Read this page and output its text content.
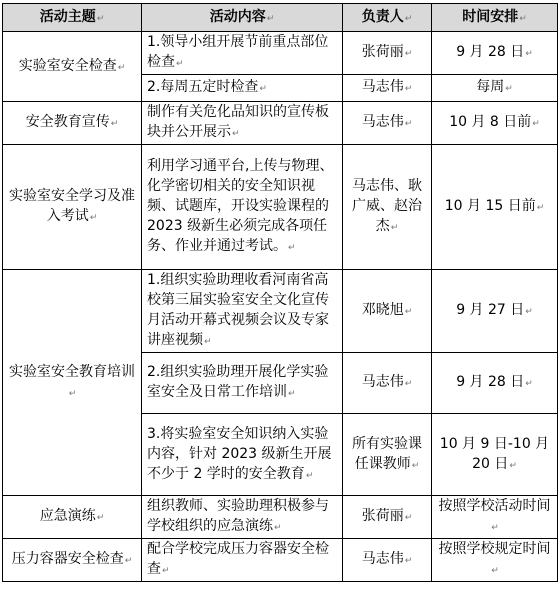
活动主题↵	活动内容↵	负责人↵	时间安排↵
实验室安全检查↵	1.领导小组开展节前重点部位检查↵	张荷丽↵	9 月 28 日↵
	2.每周五定时检查↵	马志伟↵	每周↵
安全教育宣传↵	制作有关危化品知识的宣传板块并公开展示↵	马志伟↵	10 月 8 日前↵
实验室安全学习及准入考试↵	利用学习通平台,上传与物理、化学密切相关的安全知识视频、试题库，开设实验课程的 2023 级新生必须完成各项任务、作业并通过考试。↵	马志伟、耿广威、赵治杰↵	10 月 15 日前↵
实验室安全教育培训↵	1.组织实验助理收看河南省高校第三届实验室安全文化宣传月活动开幕式视频会议及专家讲座视频↵	邓晓旭↵	9 月 27 日↵
	2.组织实验助理开展化学实验室安全及日常工作培训↵	马志伟↵	9 月 28 日↵
	3.将实验室安全知识纳入实验内容，针对 2023 级新生开展不少于 2 学时的安全教育↵	所有实验课任课教师↵	10 月 9 日-10 月 20 日↵
应急演练↵	组织教师、实验助理积极参与学校组织的应急演练↵	张荷丽↵	按照学校活动时间↵
压力容器安全检查↵	配合学校完成压力容器安全检查↵	马志伟↵	按照学校规定时间↵
